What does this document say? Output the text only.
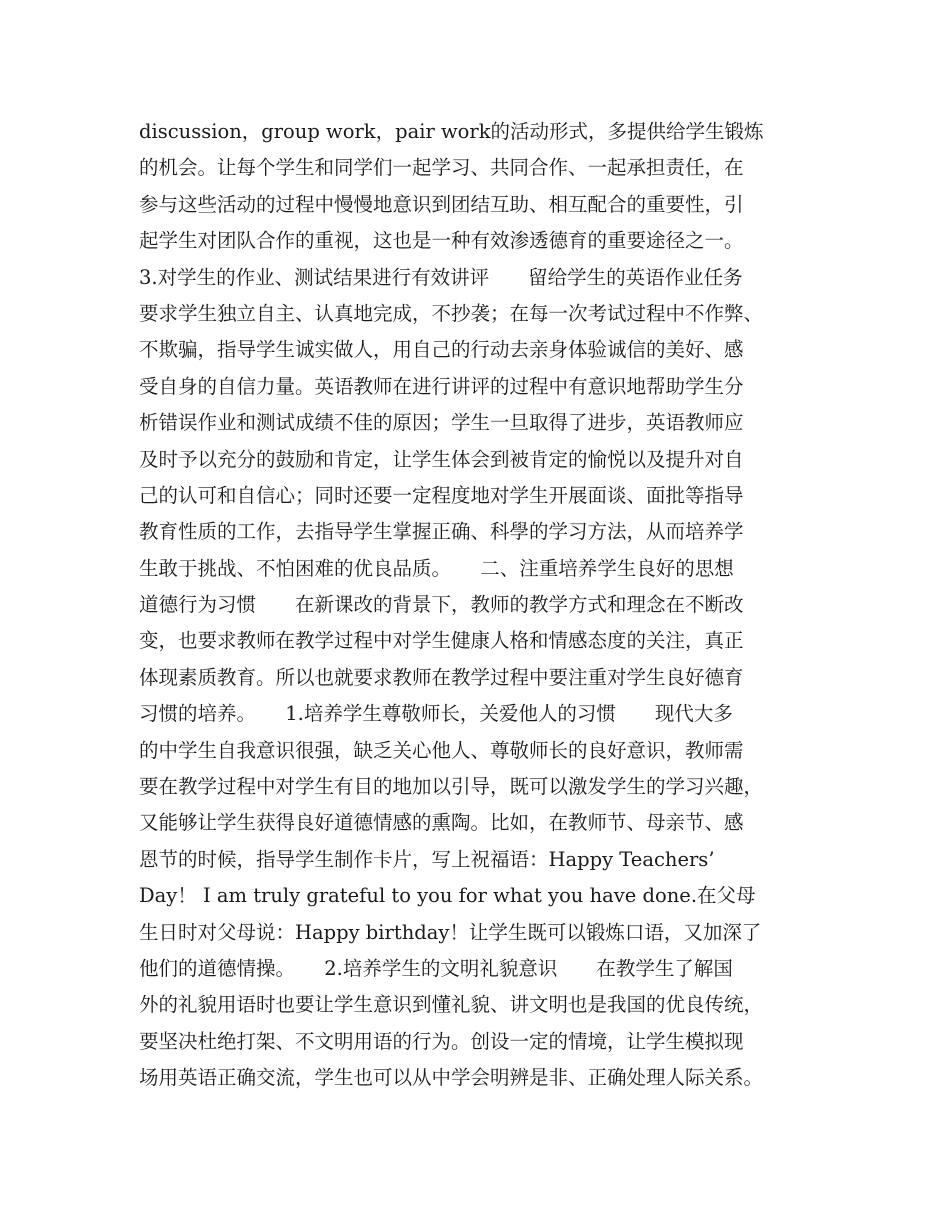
discussion，group work，pair work的活动形式，多提供给学生锻炼
的机会。让每个学生和同学们一起学习、共同合作、一起承担责任，在
参与这些活动的过程中慢慢地意识到团结互助、相互配合的重要性，引
起学生对团队合作的重视，这也是一种有效渗透德育的重要途径之一。
3.对学生的作业、测试结果进行有效讲评　　留给学生的英语作业任务
要求学生独立自主、认真地完成，不抄袭；在每一次考试过程中不作弊、
不欺骗，指导学生诚实做人，用自己的行动去亲身体验诚信的美好、感
受自身的自信力量。英语教师在进行讲评的过程中有意识地帮助学生分
析错误作业和测试成绩不佳的原因；学生一旦取得了进步，英语教师应
及时予以充分的鼓励和肯定，让学生体会到被肯定的愉悦以及提升对自
己的认可和自信心；同时还要一定程度地对学生开展面谈、面批等指导
教育性质的工作，去指导学生掌握正确、科學的学习方法，从而培养学
生敢于挑战、不怕困难的优良品质。　　二、注重培养学生良好的思想
道德行为习惯　　在新课改的背景下，教师的教学方式和理念在不断改
变，也要求教师在教学过程中对学生健康人格和情感态度的关注，真正
体现素质教育。所以也就要求教师在教学过程中要注重对学生良好德育
习惯的培养。　　1.培养学生尊敬师长，关爱他人的习惯　　现代大多
的中学生自我意识很强，缺乏关心他人、尊敬师长的良好意识，教师需
要在教学过程中对学生有目的地加以引导，既可以激发学生的学习兴趣，
又能够让学生获得良好道德情感的熏陶。比如，在教师节、母亲节、感
恩节的时候，指导学生制作卡片，写上祝福语：Happy Teachers’
Day！ I am truly grateful to you for what you have done.在父母
生日时对父母说：Happy birthday！让学生既可以锻炼口语，又加深了
他们的道德情操。　　2.培养学生的文明礼貌意识　　在教学生了解国
外的礼貌用语时也要让学生意识到懂礼貌、讲文明也是我国的优良传统，
要坚决杜绝打架、不文明用语的行为。创设一定的情境，让学生模拟现
场用英语正确交流，学生也可以从中学会明辨是非、正确处理人际关系。
